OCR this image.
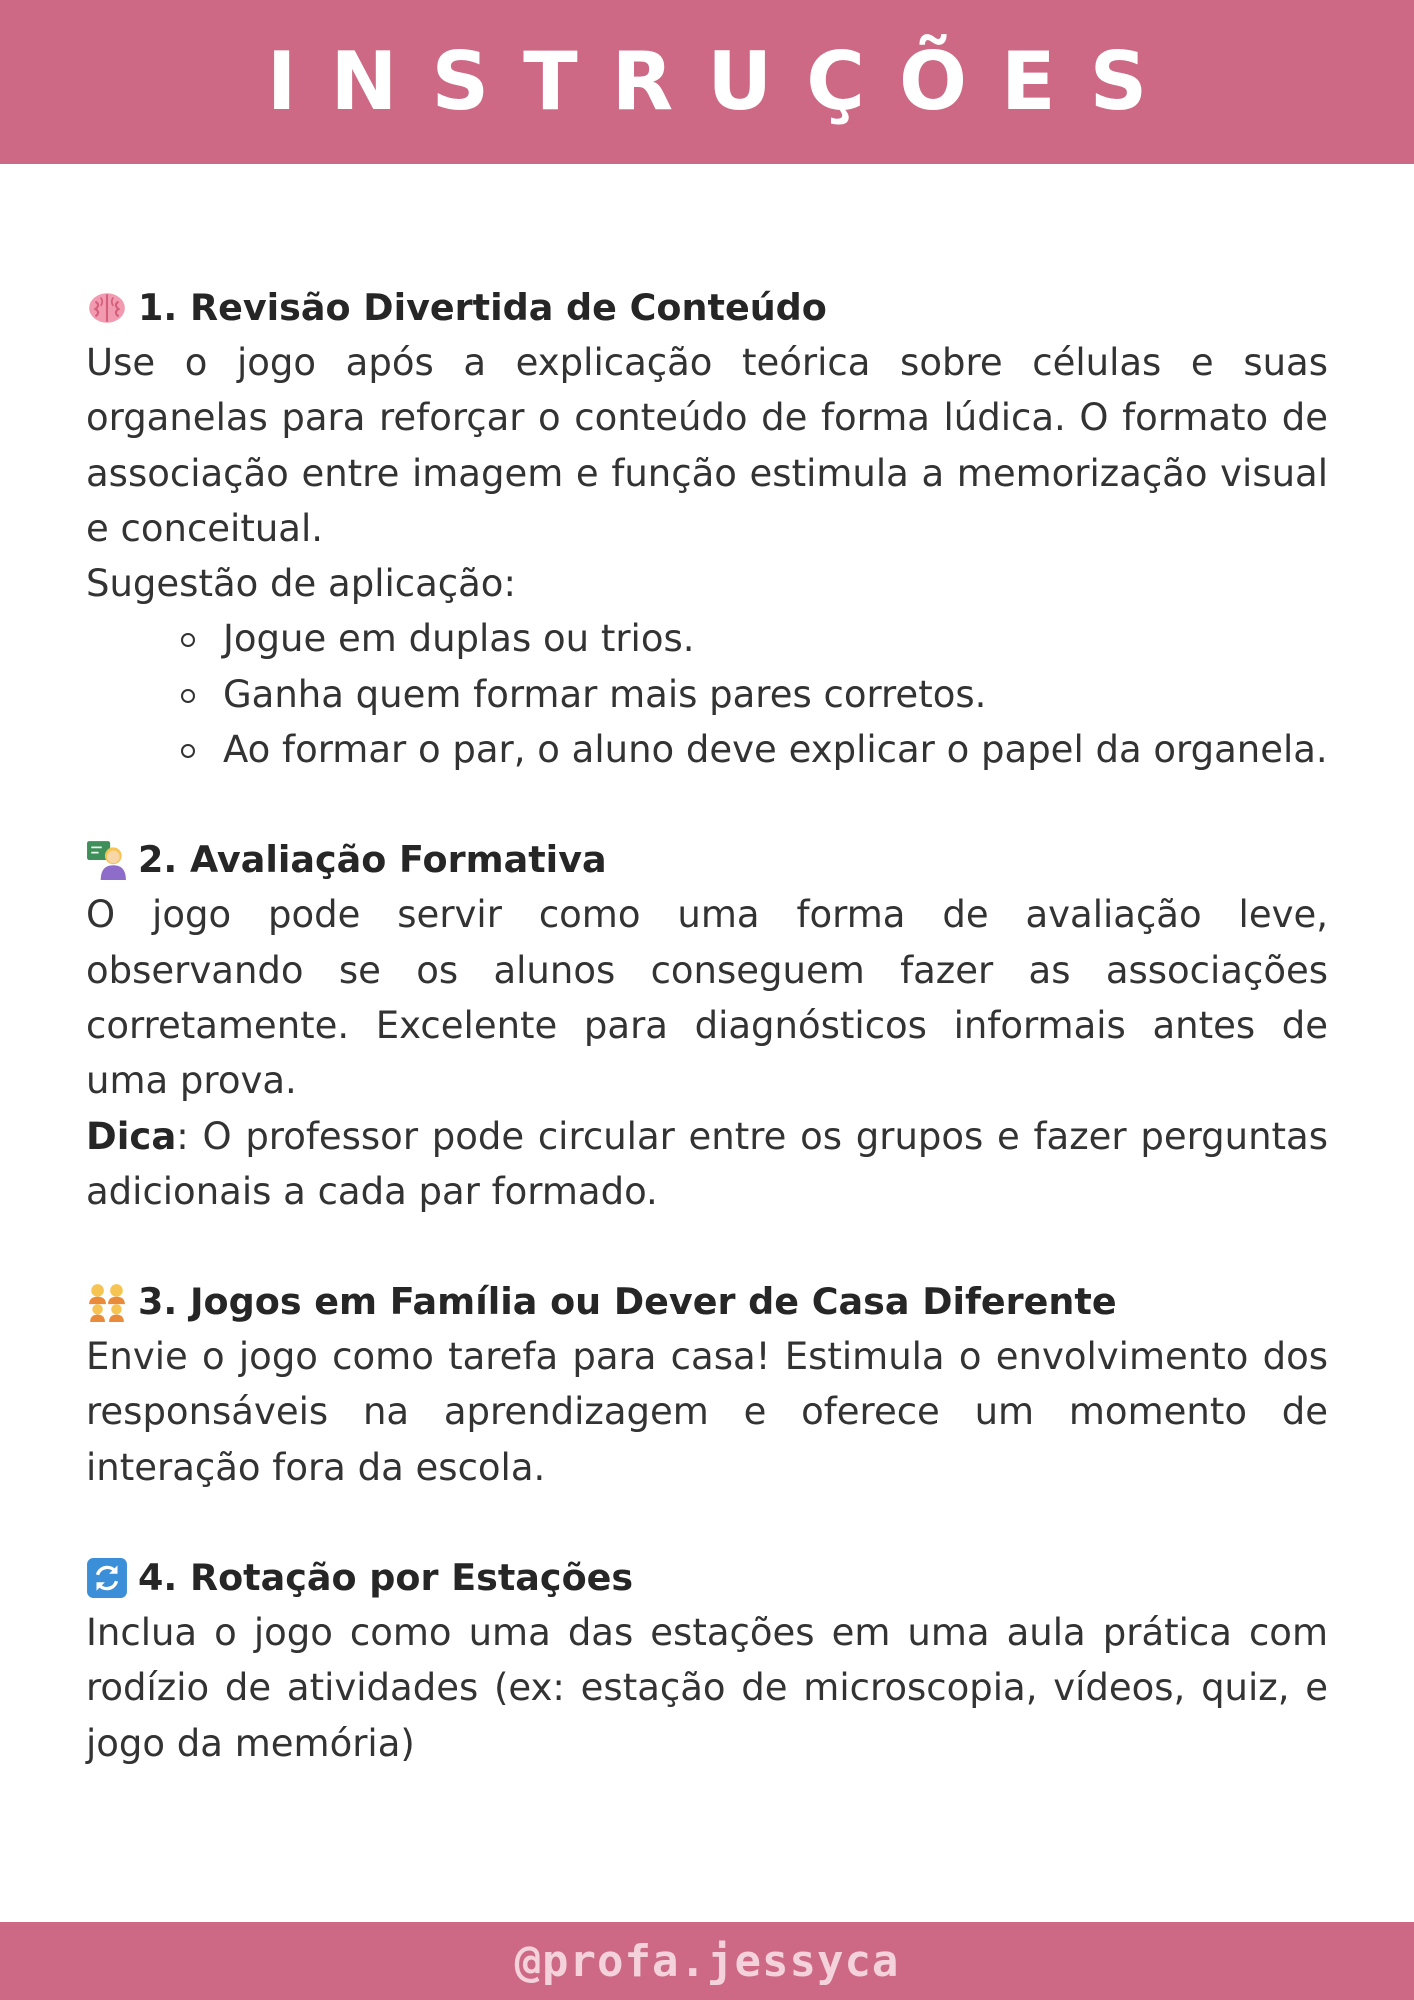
INSTRUÇÕES
1. Revisão Divertida de Conteúdo

Use o jogo após a explicação teórica sobre células e suas organelas para reforçar o conteúdo de forma lúdica. O formato de associação entre imagem e função estimula a memorização visual e conceitual.

Sugestão de aplicação:

Jogue em duplas ou trios.
Ganha quem formar mais pares corretos.
Ao formar o par, o aluno deve explicar o papel da organela.
2. Avaliação Formativa

O jogo pode servir como uma forma de avaliação leve, observando se os alunos conseguem fazer as associações corretamente. Excelente para diagnósticos informais antes de uma prova.

Dica: O professor pode circular entre os grupos e fazer perguntas adicionais a cada par formado.

3. Jogos em Família ou Dever de Casa Diferente

Envie o jogo como tarefa para casa! Estimula o envolvimento dos responsáveis na aprendizagem e oferece um momento de interação fora da escola.

4. Rotação por Estações

Inclua o jogo como uma das estações em uma aula prática com rodízio de atividades (ex: estação de microscopia, vídeos, quiz, e jogo da memória)

@profa.jessyca
